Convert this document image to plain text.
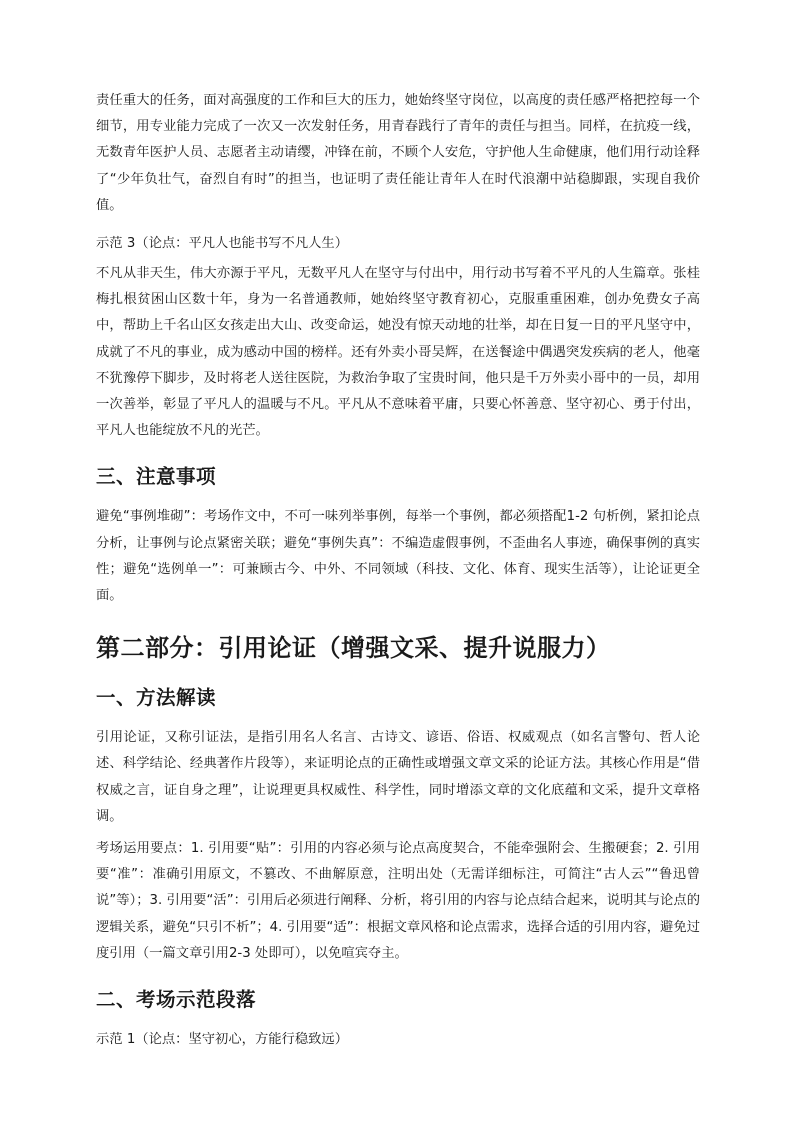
责任重大的任务，面对高强度的工作和巨大的压力，她始终坚守岗位，以高度的责任感严格把控每一个细节，用专业能力完成了一次又一次发射任务，用青春践行了青年的责任与担当。同样，在抗疫一线，无数青年医护人员、志愿者主动请缨，冲锋在前，不顾个人安危，守护他人生命健康，他们用行动诠释了“少年负壮气，奋烈自有时”的担当，也证明了责任能让青年人在时代浪潮中站稳脚跟，实现自我价值。

示范 3（论点：平凡人也能书写不凡人生）

不凡从非天生，伟大亦源于平凡，无数平凡人在坚守与付出中，用行动书写着不平凡的人生篇章。张桂梅扎根贫困山区数十年，身为一名普通教师，她始终坚守教育初心，克服重重困难，创办免费女子高中，帮助上千名山区女孩走出大山、改变命运，她没有惊天动地的壮举，却在日复一日的平凡坚守中，成就了不凡的事业，成为感动中国的榜样。还有外卖小哥吴辉，在送餐途中偶遇突发疾病的老人，他毫不犹豫停下脚步，及时将老人送往医院，为救治争取了宝贵时间，他只是千万外卖小哥中的一员，却用一次善举，彰显了平凡人的温暖与不凡。平凡从不意味着平庸，只要心怀善意、坚守初心、勇于付出，平凡人也能绽放不凡的光芒。

三、注意事项

避免“事例堆砌”：考场作文中，不可一味列举事例，每举一个事例，都必须搭配1-2 句析例，紧扣论点分析，让事例与论点紧密关联；避免“事例失真”：不编造虚假事例，不歪曲名人事迹，确保事例的真实性；避免“选例单一”：可兼顾古今、中外、不同领域（科技、文化、体育、现实生活等），让论证更全面。

第二部分：引用论证（增强文采、提升说服力）
一、方法解读

引用论证，又称引证法，是指引用名人名言、古诗文、谚语、俗语、权威观点（如名言警句、哲人论述、科学结论、经典著作片段等），来证明论点的正确性或增强文章文采的论证方法。其核心作用是“借权威之言，证自身之理”，让说理更具权威性、科学性，同时增添文章的文化底蕴和文采，提升文章格调。

考场运用要点：1. 引用要“贴”：引用的内容必须与论点高度契合，不能牵强附会、生搬硬套；2. 引用要“准”：准确引用原文，不篡改、不曲解原意，注明出处（无需详细标注，可简注“古人云”“鲁迅曾说”等）；3. 引用要“活”：引用后必须进行阐释、分析，将引用的内容与论点结合起来，说明其与论点的逻辑关系，避免“只引不析”；4. 引用要“适”：根据文章风格和论点需求，选择合适的引用内容，避免过度引用（一篇文章引用2-3 处即可），以免喧宾夺主。

二、考场示范段落

示范 1（论点：坚守初心，方能行稳致远）
